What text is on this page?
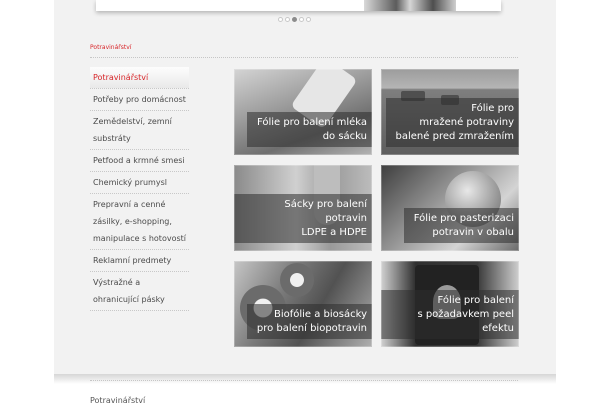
Potravinářství
Potravinářství
Potřeby pro domácnost
Zemědelství, zemní substráty
Petfood a krmné smesi
Chemický prumysl
Prepravní a cenné zásilky, e-shopping, manipulace s hotovostí
Reklamní predmety
Výstražné a ohranicující pásky
Fólie pro balení mléka
do sácku
Fólie pro
mražené potraviny
balené pred zmražením
Sácky pro balení potravin
LDPE a HDPE
Fólie pro pasterizaci
potravin v obalu
Biofólie a biosácky
pro balení biopotravin
Fólie pro balení
s požadavkem peel efektu
Potravinářství
